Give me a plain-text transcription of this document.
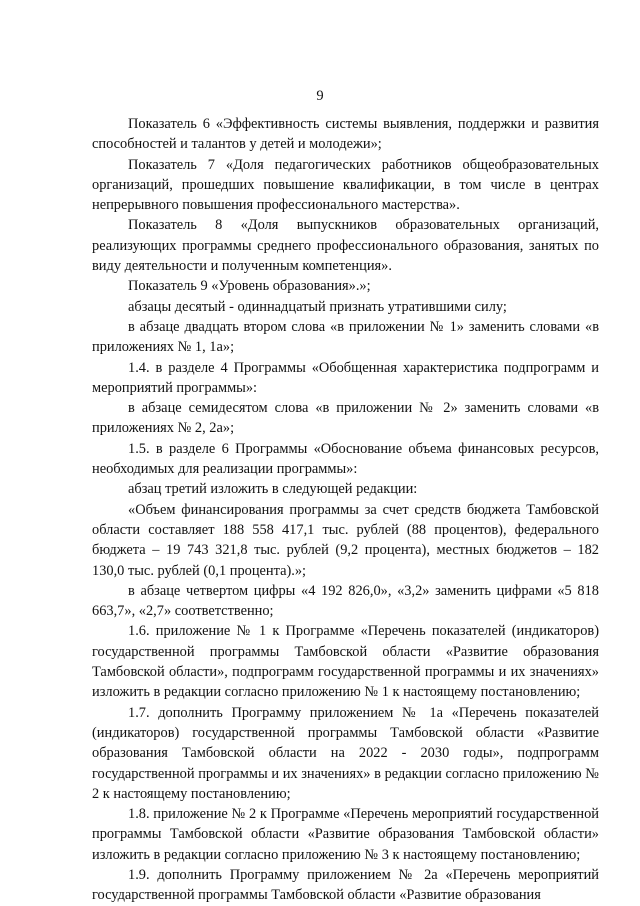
9

Показатель 6 «Эффективность системы выявления, поддержки и развития способностей и талантов у детей и молодежи»;

Показатель 7 «Доля педагогических работников общеобразовательных организаций, прошедших повышение квалификации, в том числе в центрах непрерывного повышения профессионального мастерства».

Показатель 8 «Доля выпускников образовательных организаций, реализующих программы среднего профессионального образования, занятых по виду деятельности и полученным компетенция».

Показатель 9 «Уровень образования».»;

абзацы десятый - одиннадцатый признать утратившими силу;

в абзаце двадцать втором слова «в приложении № 1» заменить словами «в приложениях № 1, 1а»;

1.4. в разделе 4 Программы «Обобщенная характеристика подпрограмм и мероприятий программы»:

в абзаце семидесятом слова «в приложении № 2» заменить словами «в приложениях № 2, 2а»;

1.5. в разделе 6 Программы «Обоснование объема финансовых ресурсов, необходимых для реализации программы»:

абзац третий изложить в следующей редакции:

«Объем финансирования программы за счет средств бюджета Тамбовской области составляет 188 558 417,1 тыс. рублей (88 процентов), федерального бюджета – 19 743 321,8 тыс. рублей (9,2 процента), местных бюджетов – 182 130,0 тыс. рублей (0,1 процента).»;

в абзаце четвертом цифры «4 192 826,0», «3,2» заменить цифрами «5 818 663,7», «2,7» соответственно;

1.6. приложение № 1 к Программе «Перечень показателей (индикаторов) государственной программы Тамбовской области «Развитие образования Тамбовской области», подпрограмм государственной программы и их значениях» изложить в редакции согласно приложению № 1 к настоящему постановлению;

1.7. дополнить Программу приложением № 1а «Перечень показателей (индикаторов) государственной программы Тамбовской области «Развитие образования Тамбовской области на 2022 - 2030 годы», подпрограмм государственной программы и их значениях» в редакции согласно приложению № 2 к настоящему постановлению;

1.8. приложение № 2 к Программе «Перечень мероприятий государственной программы Тамбовской области «Развитие образования Тамбовской области» изложить в редакции согласно приложению № 3 к настоящему постановлению;

1.9. дополнить Программу приложением № 2а «Перечень мероприятий государственной программы Тамбовской области «Развитие образования
